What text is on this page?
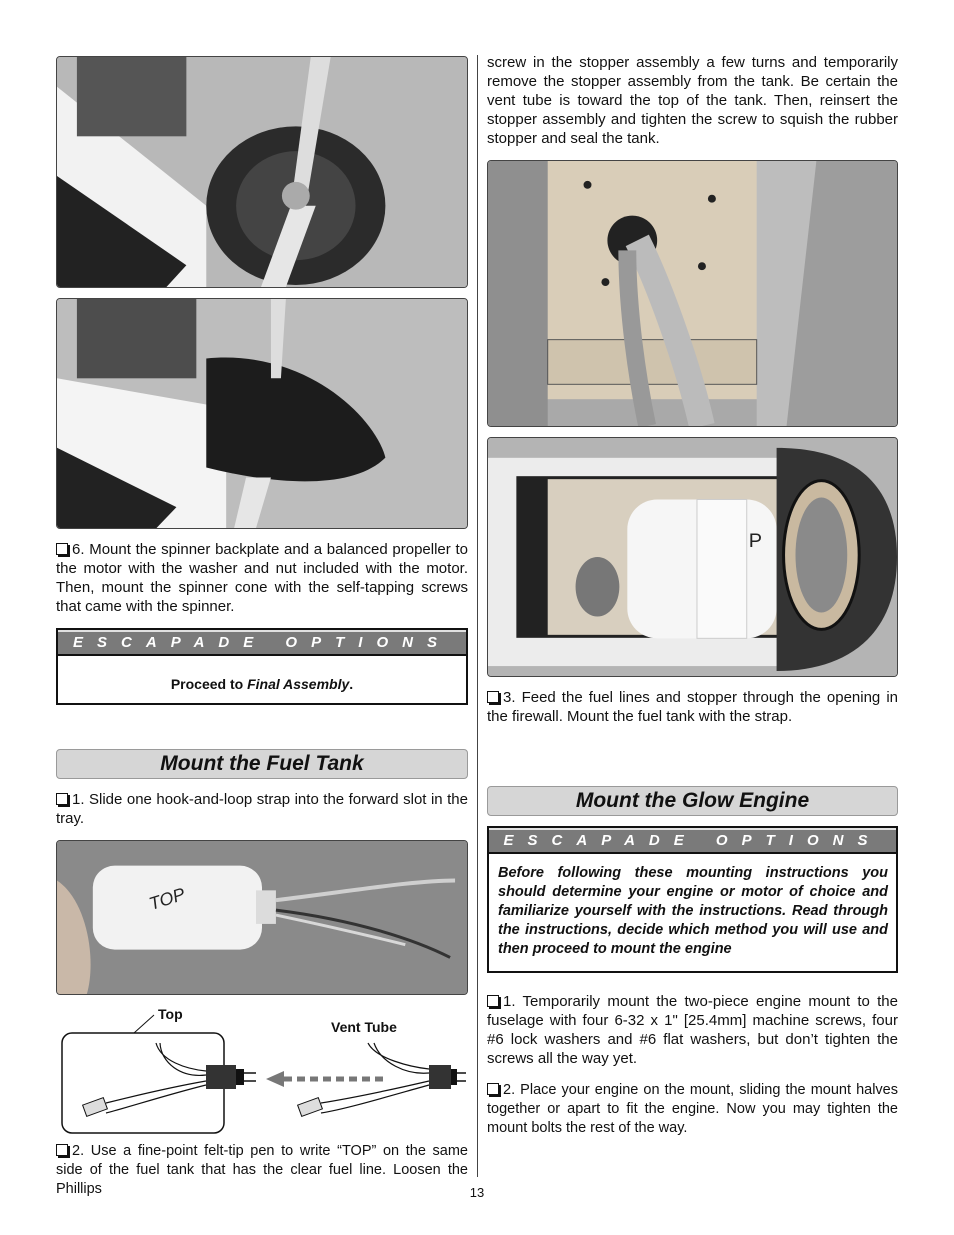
6. Mount the spinner backplate and a balanced propeller to the motor with the washer and nut included with the motor. Then, mount the spinner cone with the self-tapping screws that came with the spinner.

ESCAPADE OPTIONS
Proceed to Final Assembly.
Mount the Fuel Tank

1. Slide one hook-and-loop strap into the forward slot in the tray.

TOP
Top
Vent Tube

2. Use a fine-point felt-tip pen to write “TOP” on the same side of the fuel tank that has the clear fuel line. Loosen the Phillips

screw in the stopper assembly a few turns and temporarily remove the stopper assembly from the tank. Be certain the vent tube is toward the top of the tank. Then, reinsert the stopper assembly and tighten the screw to squish the rubber stopper and seal the tank.

P

3. Feed the fuel lines and stopper through the opening in the firewall. Mount the fuel tank with the strap.

Mount the Glow Engine
ESCAPADE OPTIONS

Before following these mounting instructions you should determine your engine or motor of choice and familiarize yourself with the instructions. Read through the instructions, decide which method you will use and then proceed to mount the engine

1. Temporarily mount the two-piece engine mount to the fuselage with four 6-32 x 1" [25.4mm] machine screws, four #6 lock washers and #6 flat washers, but don’t tighten the screws all the way yet.

2. Place your engine on the mount, sliding the mount halves together or apart to fit the engine. Now you may tighten the mount bolts the rest of the way.

13
